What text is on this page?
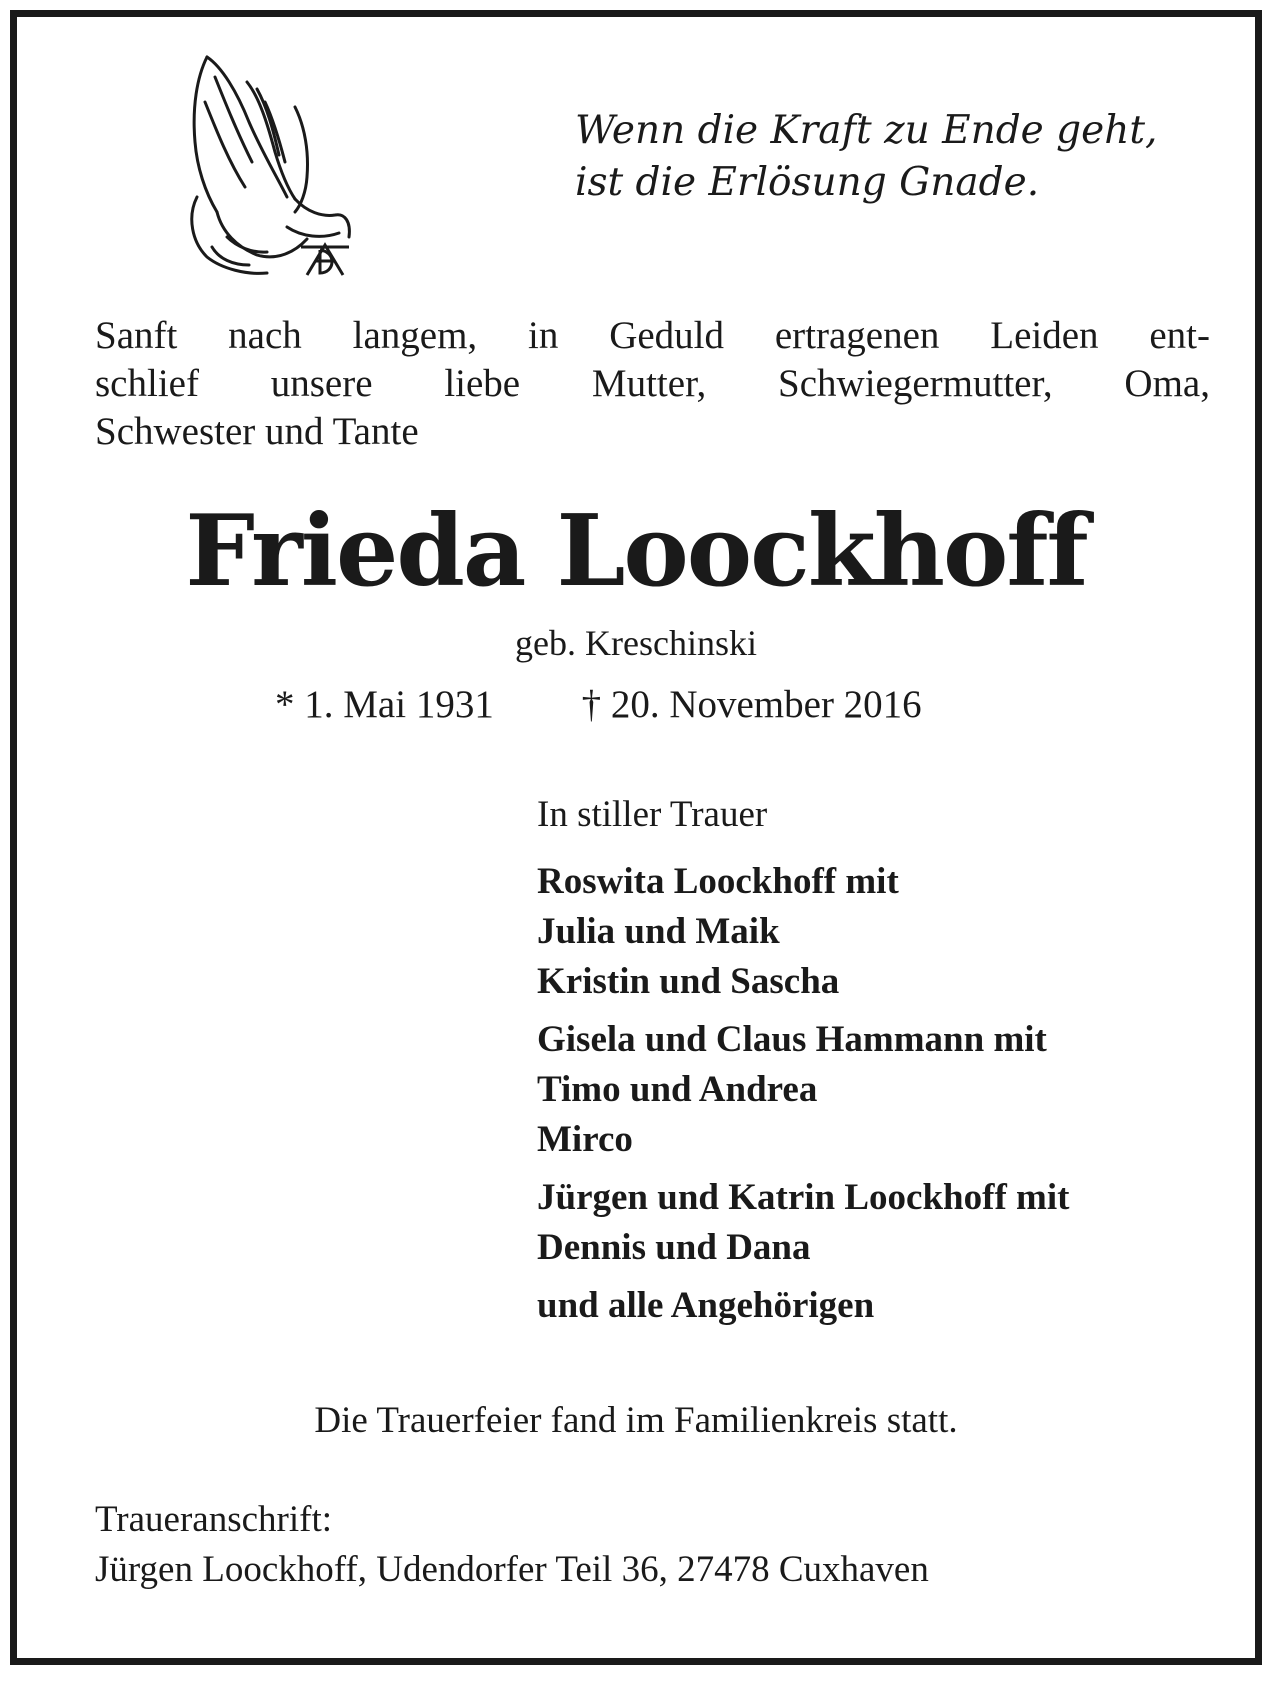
Wenn die Kraft zu Ende geht,
ist die Erlösung Gnade.
Sanft nach langem, in Geduld ertragenen Leiden ent-
schlief unsere liebe Mutter, Schwiegermutter, Oma,
Schwester und Tante
Frieda Loockhoff
geb. Kreschinski
* 1. Mai 1931 † 20. November 2016
In stiller Trauer
Roswita Loockhoff mit
Julia und Maik
Kristin und Sascha
Gisela und Claus Hammann mit
Timo und Andrea
Mirco
Jürgen und Katrin Loockhoff mit
Dennis und Dana
und alle Angehörigen
Die Trauerfeier fand im Familienkreis statt.
Traueranschrift:
Jürgen Loockhoff, Udendorfer Teil 36, 27478 Cuxhaven
